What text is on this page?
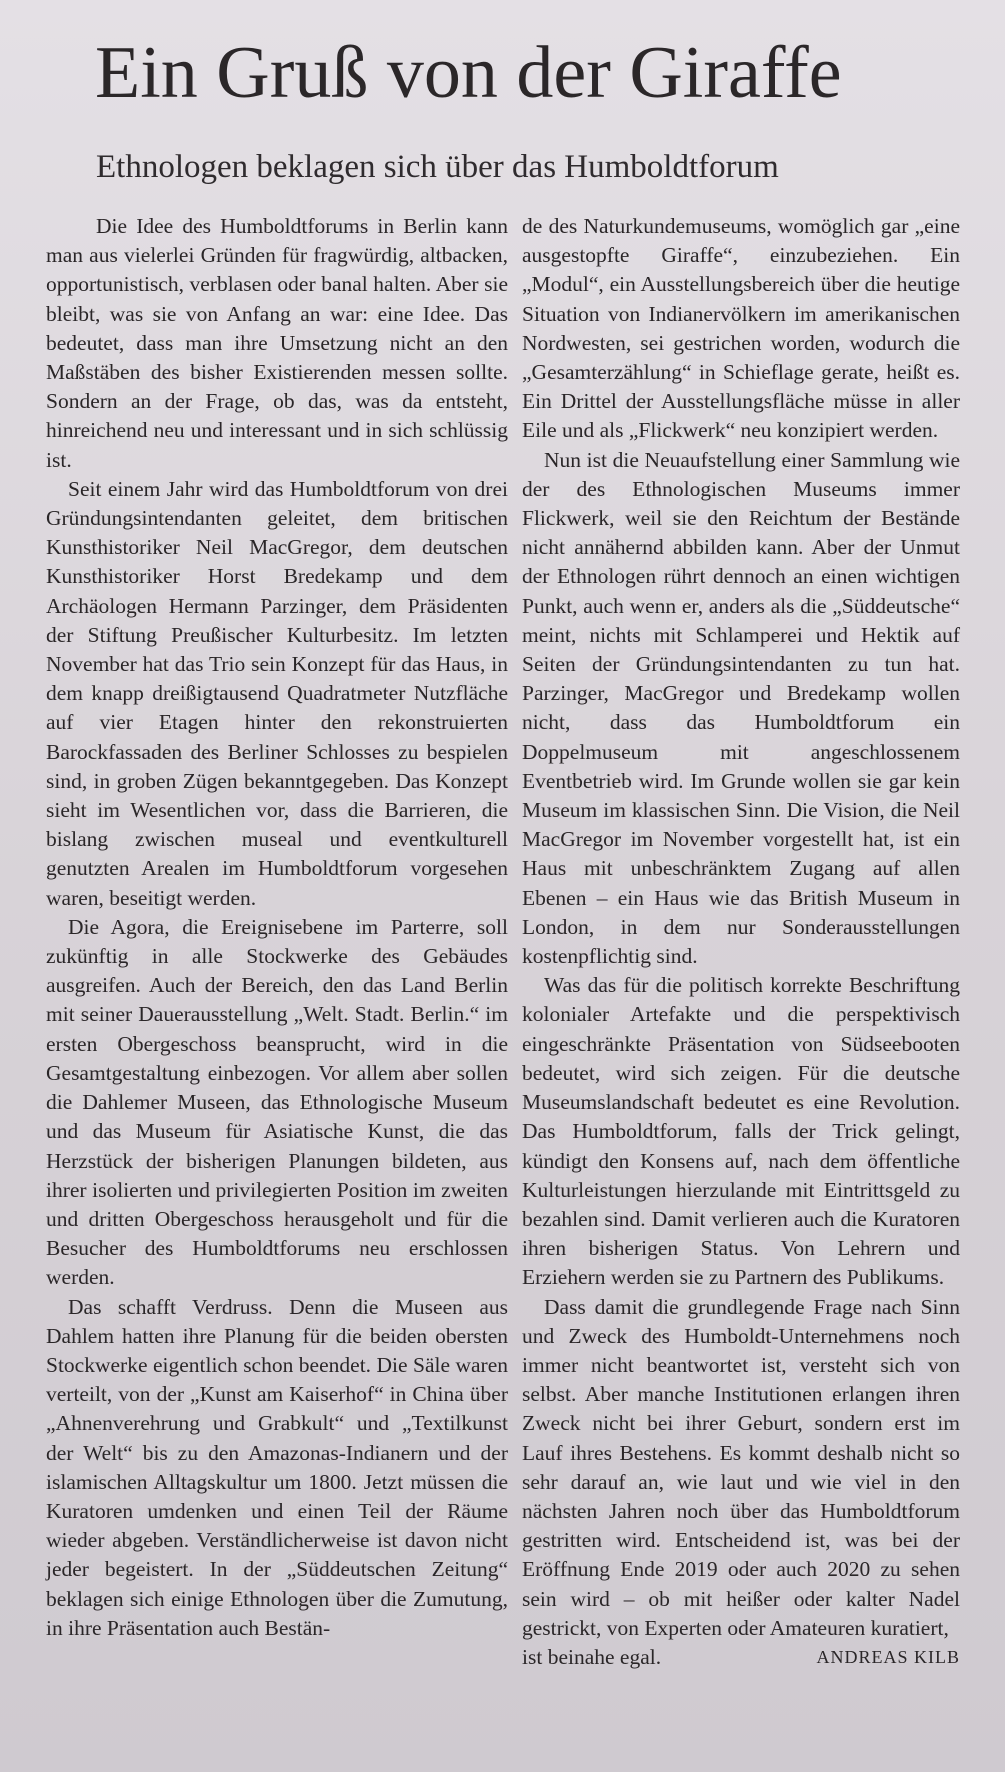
Ein Gruß von der Giraffe
Ethnologen beklagen sich über das Humboldtforum

Die Idee des Humboldtforums in Berlin kann man aus vielerlei Gründen für fragwürdig, altbacken, opportunistisch, verblasen oder banal halten. Aber sie bleibt, was sie von Anfang an war: eine Idee. Das bedeutet, dass man ihre Umsetzung nicht an den Maßstäben des bisher Existierenden messen sollte. Sondern an der Frage, ob das, was da entsteht, hinreichend neu und interessant und in sich schlüssig ist.

Seit einem Jahr wird das Humboldtforum von drei Gründungsintendanten geleitet, dem britischen Kunsthistoriker Neil MacGregor, dem deutschen Kunsthistoriker Horst Bredekamp und dem Archäologen Hermann Parzinger, dem Präsidenten der Stiftung Preußischer Kulturbesitz. Im letzten November hat das Trio sein Konzept für das Haus, in dem knapp dreißigtausend Quadratmeter Nutzfläche auf vier Etagen hinter den rekonstruierten Barockfassaden des Berliner Schlosses zu bespielen sind, in groben Zügen bekanntgegeben. Das Konzept sieht im Wesentlichen vor, dass die Barrieren, die bislang zwischen museal und eventkulturell genutzten Arealen im Humboldtforum vorgesehen waren, beseitigt werden.

Die Agora, die Ereignisebene im Parterre, soll zukünftig in alle Stockwerke des Gebäudes ausgreifen. Auch der Bereich, den das Land Berlin mit seiner Dauerausstellung „Welt. Stadt. Berlin.“ im ersten Obergeschoss beansprucht, wird in die Gesamtgestaltung einbezogen. Vor allem aber sollen die Dahlemer Museen, das Ethnologische Museum und das Museum für Asiatische Kunst, die das Herzstück der bisherigen Planungen bildeten, aus ihrer isolierten und privilegierten Position im zweiten und dritten Obergeschoss herausgeholt und für die Besucher des Humboldtforums neu erschlossen werden.

Das schafft Verdruss. Denn die Museen aus Dahlem hatten ihre Planung für die beiden obersten Stockwerke eigentlich schon beendet. Die Säle waren verteilt, von der „Kunst am Kaiserhof“ in China über „Ahnenverehrung und Grabkult“ und „Textilkunst der Welt“ bis zu den Amazonas-Indianern und der islamischen Alltagskultur um 1800. Jetzt müssen die Kuratoren umdenken und einen Teil der Räume wieder abgeben. Verständlicherweise ist davon nicht jeder begeistert. In der „Süddeutschen Zeitung“ beklagen sich einige Ethnologen über die Zumutung, in ihre Präsentation auch Bestän-

de des Naturkundemuseums, womöglich gar „eine ausgestopfte Giraffe“, einzubeziehen. Ein „Modul“, ein Ausstellungsbereich über die heutige Situation von Indianervölkern im amerikanischen Nordwesten, sei gestrichen worden, wodurch die „Gesamterzählung“ in Schieflage gerate, heißt es. Ein Drittel der Ausstellungsfläche müsse in aller Eile und als „Flickwerk“ neu konzipiert werden.

Nun ist die Neuaufstellung einer Sammlung wie der des Ethnologischen Museums immer Flickwerk, weil sie den Reichtum der Bestände nicht annähernd abbilden kann. Aber der Unmut der Ethnologen rührt dennoch an einen wichtigen Punkt, auch wenn er, anders als die „Süddeutsche“ meint, nichts mit Schlamperei und Hektik auf Seiten der Gründungsintendanten zu tun hat. Parzinger, MacGregor und Bredekamp wollen nicht, dass das Humboldtforum ein Doppelmuseum mit angeschlossenem Eventbetrieb wird. Im Grunde wollen sie gar kein Museum im klassischen Sinn. Die Vision, die Neil MacGregor im November vorgestellt hat, ist ein Haus mit unbeschränktem Zugang auf allen Ebenen – ein Haus wie das British Museum in London, in dem nur Sonderausstellungen kostenpflichtig sind.

Was das für die politisch korrekte Beschriftung kolonialer Artefakte und die perspektivisch eingeschränkte Präsentation von Südseebooten bedeutet, wird sich zeigen. Für die deutsche Museumslandschaft bedeutet es eine Revolution. Das Humboldtforum, falls der Trick gelingt, kündigt den Konsens auf, nach dem öffentliche Kulturleistungen hierzulande mit Eintrittsgeld zu bezahlen sind. Damit verlieren auch die Kuratoren ihren bisherigen Status. Von Lehrern und Erziehern werden sie zu Partnern des Publikums.

Dass damit die grundlegende Frage nach Sinn und Zweck des Humboldt-Unternehmens noch immer nicht beantwortet ist, versteht sich von selbst. Aber manche Institutionen erlangen ihren Zweck nicht bei ihrer Geburt, sondern erst im Lauf ihres Bestehens. Es kommt deshalb nicht so sehr darauf an, wie laut und wie viel in den nächsten Jahren noch über das Humboldtforum gestritten wird. Entscheidend ist, was bei der Eröffnung Ende 2019 oder auch 2020 zu sehen sein wird – ob mit heißer oder kalter Nadel gestrickt, von Experten oder Amateuren kuratiert,

ist beinahe egal.	ANDREAS KILB
